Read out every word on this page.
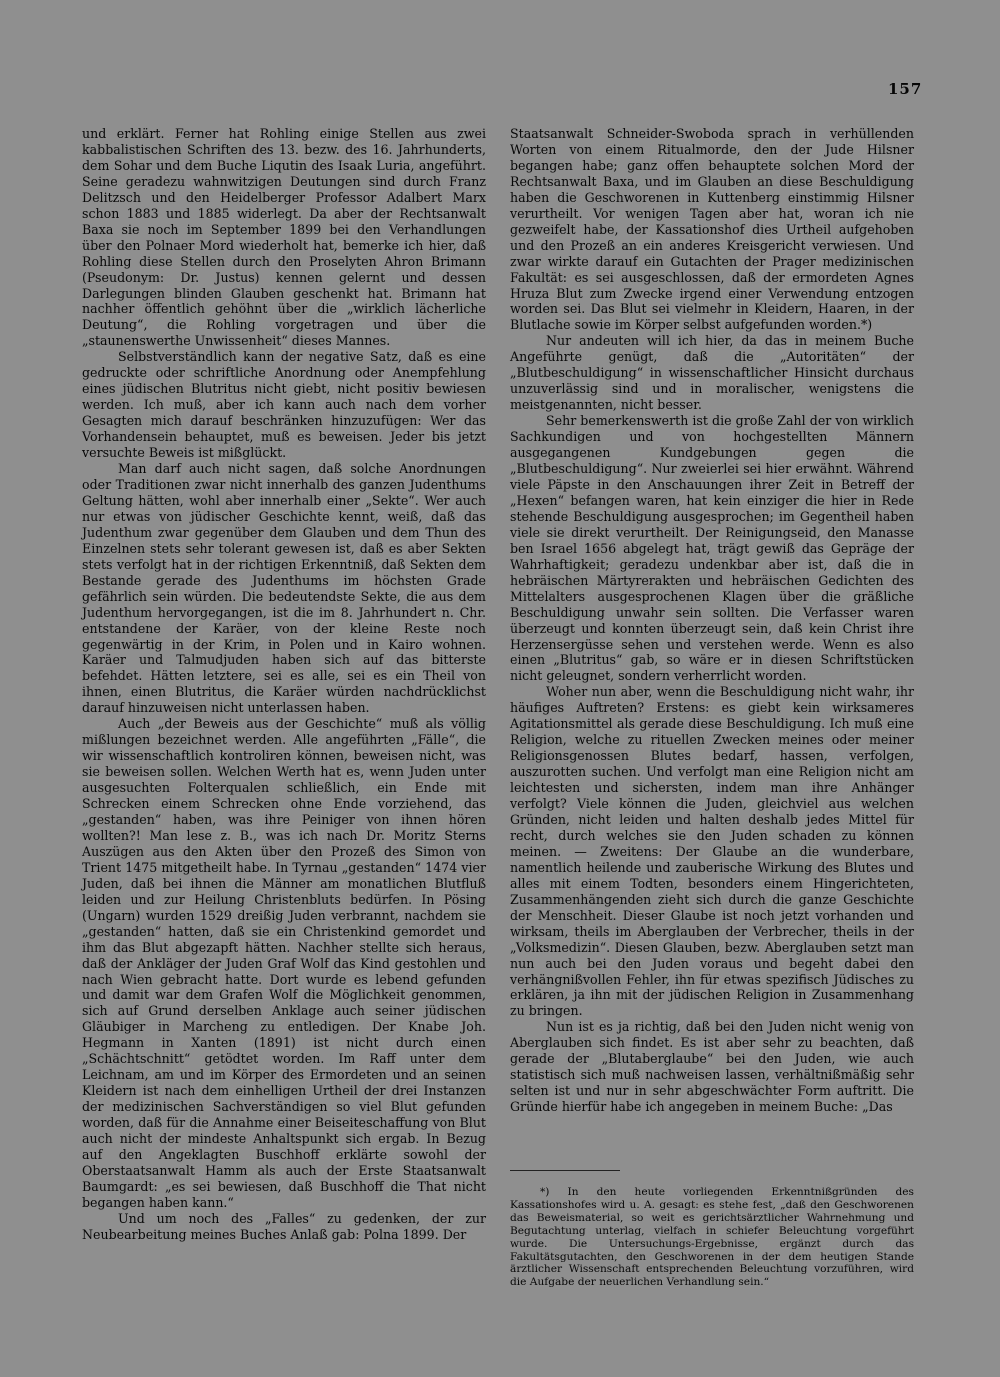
157

und erklärt. Ferner hat Rohling einige Stellen aus zwei kabbalistischen Schriften des 13. bezw. des 16. Jahrhunderts, dem Sohar und dem Buche Liqutin des Isaak Luria, angeführt. Seine geradezu wahnwitzigen Deutungen sind durch Franz Delitzsch und den Heidelberger Professor Adalbert Marx schon 1883 und 1885 widerlegt. Da aber der Rechtsanwalt Baxa sie noch im September 1899 bei den Verhandlungen über den Polnaer Mord wiederholt hat, bemerke ich hier, daß Rohling diese Stellen durch den Proselyten Ahron Brimann (Pseudonym: Dr. Justus) kennen gelernt und dessen Darlegungen blinden Glauben geschenkt hat. Brimann hat nachher öffentlich gehöhnt über die „wirklich lächerliche Deutung“, die Rohling vorgetragen und über die „staunenswerthe Unwissenheit“ dieses Mannes.

Selbstverständlich kann der negative Satz, daß es eine gedruckte oder schriftliche Anordnung oder Anempfehlung eines jüdischen Blutritus nicht giebt, nicht positiv bewiesen werden. Ich muß, aber ich kann auch nach dem vorher Gesagten mich darauf beschränken hinzuzufügen: Wer das Vorhandensein behauptet, muß es beweisen. Jeder bis jetzt versuchte Beweis ist mißglückt.

Man darf auch nicht sagen, daß solche Anordnungen oder Traditionen zwar nicht innerhalb des ganzen Judenthums Geltung hätten, wohl aber innerhalb einer „Sekte“. Wer auch nur etwas von jüdischer Geschichte kennt, weiß, daß das Judenthum zwar gegenüber dem Glauben und dem Thun des Einzelnen stets sehr tolerant gewesen ist, daß es aber Sekten stets verfolgt hat in der richtigen Erkenntniß, daß Sekten dem Bestande gerade des Judenthums im höchsten Grade gefährlich sein würden. Die bedeutendste Sekte, die aus dem Judenthum hervorgegangen, ist die im 8. Jahrhundert n. Chr. entstandene der Karäer, von der kleine Reste noch gegenwärtig in der Krim, in Polen und in Kairo wohnen. Karäer und Talmudjuden haben sich auf das bitterste befehdet. Hätten letztere, sei es alle, sei es ein Theil von ihnen, einen Blutritus, die Karäer würden nachdrücklichst darauf hinzuweisen nicht unterlassen haben.

Auch „der Beweis aus der Geschichte“ muß als völlig mißlungen bezeichnet werden. Alle angeführten „Fälle“, die wir wissenschaftlich kontroliren können, beweisen nicht, was sie beweisen sollen. Welchen Werth hat es, wenn Juden unter ausgesuchten Folterqualen schließlich, ein Ende mit Schrecken einem Schrecken ohne Ende vorziehend, das „gestanden“ haben, was ihre Peiniger von ihnen hören wollten?! Man lese z. B., was ich nach Dr. Moritz Sterns Auszügen aus den Akten über den Prozeß des Simon von Trient 1475 mitgetheilt habe. In Tyrnau „gestanden“ 1474 vier Juden, daß bei ihnen die Männer am monatlichen Blutfluß leiden und zur Heilung Christenbluts bedürfen. In Pösing (Ungarn) wurden 1529 dreißig Juden verbrannt, nachdem sie „gestanden“ hatten, daß sie ein Christenkind gemordet und ihm das Blut abgezapft hätten. Nachher stellte sich heraus, daß der Ankläger der Juden Graf Wolf das Kind gestohlen und nach Wien gebracht hatte. Dort wurde es lebend gefunden und damit war dem Grafen Wolf die Möglichkeit genommen, sich auf Grund derselben Anklage auch seiner jüdischen Gläubiger in Marcheng zu entledigen. Der Knabe Joh. Hegmann in Xanten (1891) ist nicht durch einen „Schächtschnitt“ getödtet worden. Im Raff unter dem Leichnam, am und im Körper des Ermordeten und an seinen Kleidern ist nach dem einhelligen Urtheil der drei Instanzen der medizinischen Sachverständigen so viel Blut gefunden worden, daß für die Annahme einer Beiseiteschaffung von Blut auch nicht der mindeste Anhaltspunkt sich ergab. In Bezug auf den Angeklagten Buschhoff erklärte sowohl der Oberstaatsanwalt Hamm als auch der Erste Staatsanwalt Baumgardt: „es sei bewiesen, daß Buschhoff die That nicht begangen haben kann.“

Und um noch des „Falles“ zu gedenken, der zur Neubearbeitung meines Buches Anlaß gab: Polna 1899. Der

Staatsanwalt Schneider-Swoboda sprach in verhüllenden Worten von einem Ritualmorde, den der Jude Hilsner begangen habe; ganz offen behauptete solchen Mord der Rechtsanwalt Baxa, und im Glauben an diese Beschuldigung haben die Geschworenen in Kuttenberg einstimmig Hilsner verurtheilt. Vor wenigen Tagen aber hat, woran ich nie gezweifelt habe, der Kassationshof dies Urtheil aufgehoben und den Prozeß an ein anderes Kreisgericht verwiesen. Und zwar wirkte darauf ein Gutachten der Prager medizinischen Fakultät: es sei ausgeschlossen, daß der ermordeten Agnes Hruza Blut zum Zwecke irgend einer Verwendung entzogen worden sei. Das Blut sei vielmehr in Kleidern, Haaren, in der Blutlache sowie im Körper selbst aufgefunden worden.*)

Nur andeuten will ich hier, da das in meinem Buche Angeführte genügt, daß die „Autoritäten“ der „Blutbeschuldigung“ in wissenschaftlicher Hinsicht durchaus unzuverlässig sind und in moralischer, wenigstens die meistgenannten, nicht besser.

Sehr bemerkenswerth ist die große Zahl der von wirklich Sachkundigen und von hochgestellten Männern ausgegangenen Kundgebungen gegen die „Blutbeschuldigung“. Nur zweierlei sei hier erwähnt. Während viele Päpste in den Anschauungen ihrer Zeit in Betreff der „Hexen“ befangen waren, hat kein einziger die hier in Rede stehende Beschuldigung ausgesprochen; im Gegentheil haben viele sie direkt verurtheilt. Der Reinigungseid, den Manasse ben Israel 1656 abgelegt hat, trägt gewiß das Gepräge der Wahrhaftigkeit; geradezu undenkbar aber ist, daß die in hebräischen Märtyrerakten und hebräischen Gedichten des Mittelalters ausgesprochenen Klagen über die gräßliche Beschuldigung unwahr sein sollten. Die Verfasser waren überzeugt und konnten überzeugt sein, daß kein Christ ihre Herzensergüsse sehen und verstehen werde. Wenn es also einen „Blutritus“ gab, so wäre er in diesen Schriftstücken nicht geleugnet, sondern verherrlicht worden.

Woher nun aber, wenn die Beschuldigung nicht wahr, ihr häufiges Auftreten? Erstens: es giebt kein wirksameres Agitationsmittel als gerade diese Beschuldigung. Ich muß eine Religion, welche zu rituellen Zwecken meines oder meiner Religionsgenossen Blutes bedarf, hassen, verfolgen, auszurotten suchen. Und verfolgt man eine Religion nicht am leichtesten und sichersten, indem man ihre Anhänger verfolgt? Viele können die Juden, gleichviel aus welchen Gründen, nicht leiden und halten deshalb jedes Mittel für recht, durch welches sie den Juden schaden zu können meinen. — Zweitens: Der Glaube an die wunderbare, namentlich heilende und zauberische Wirkung des Blutes und alles mit einem Todten, besonders einem Hingerichteten, Zusammenhängenden zieht sich durch die ganze Geschichte der Menschheit. Dieser Glaube ist noch jetzt vorhanden und wirksam, theils im Aberglauben der Verbrecher, theils in der „Volksmedizin“. Diesen Glauben, bezw. Aberglauben setzt man nun auch bei den Juden voraus und begeht dabei den verhängnißvollen Fehler, ihn für etwas spezifisch Jüdisches zu erklären, ja ihn mit der jüdischen Religion in Zusammenhang zu bringen.

Nun ist es ja richtig, daß bei den Juden nicht wenig von Aberglauben sich findet. Es ist aber sehr zu beachten, daß gerade der „Blutaberglaube“ bei den Juden, wie auch statistisch sich muß nachweisen lassen, verhältnißmäßig sehr selten ist und nur in sehr abgeschwächter Form auftritt. Die Gründe hierfür habe ich angegeben in meinem Buche: „Das

*) In den heute vorliegenden Erkenntnißgründen des Kassationshofes wird u. A. gesagt: es stehe fest, „daß den Geschworenen das Beweismaterial, so weit es gerichtsärztlicher Wahrnehmung und Begutachtung unterlag, vielfach in schiefer Beleuchtung vorgeführt wurde. Die Untersuchungs-Ergebnisse, ergänzt durch das Fakultätsgutachten, den Geschworenen in der dem heutigen Stande ärztlicher Wissenschaft entsprechenden Beleuchtung vorzuführen, wird die Aufgabe der neuerlichen Verhandlung sein.“
